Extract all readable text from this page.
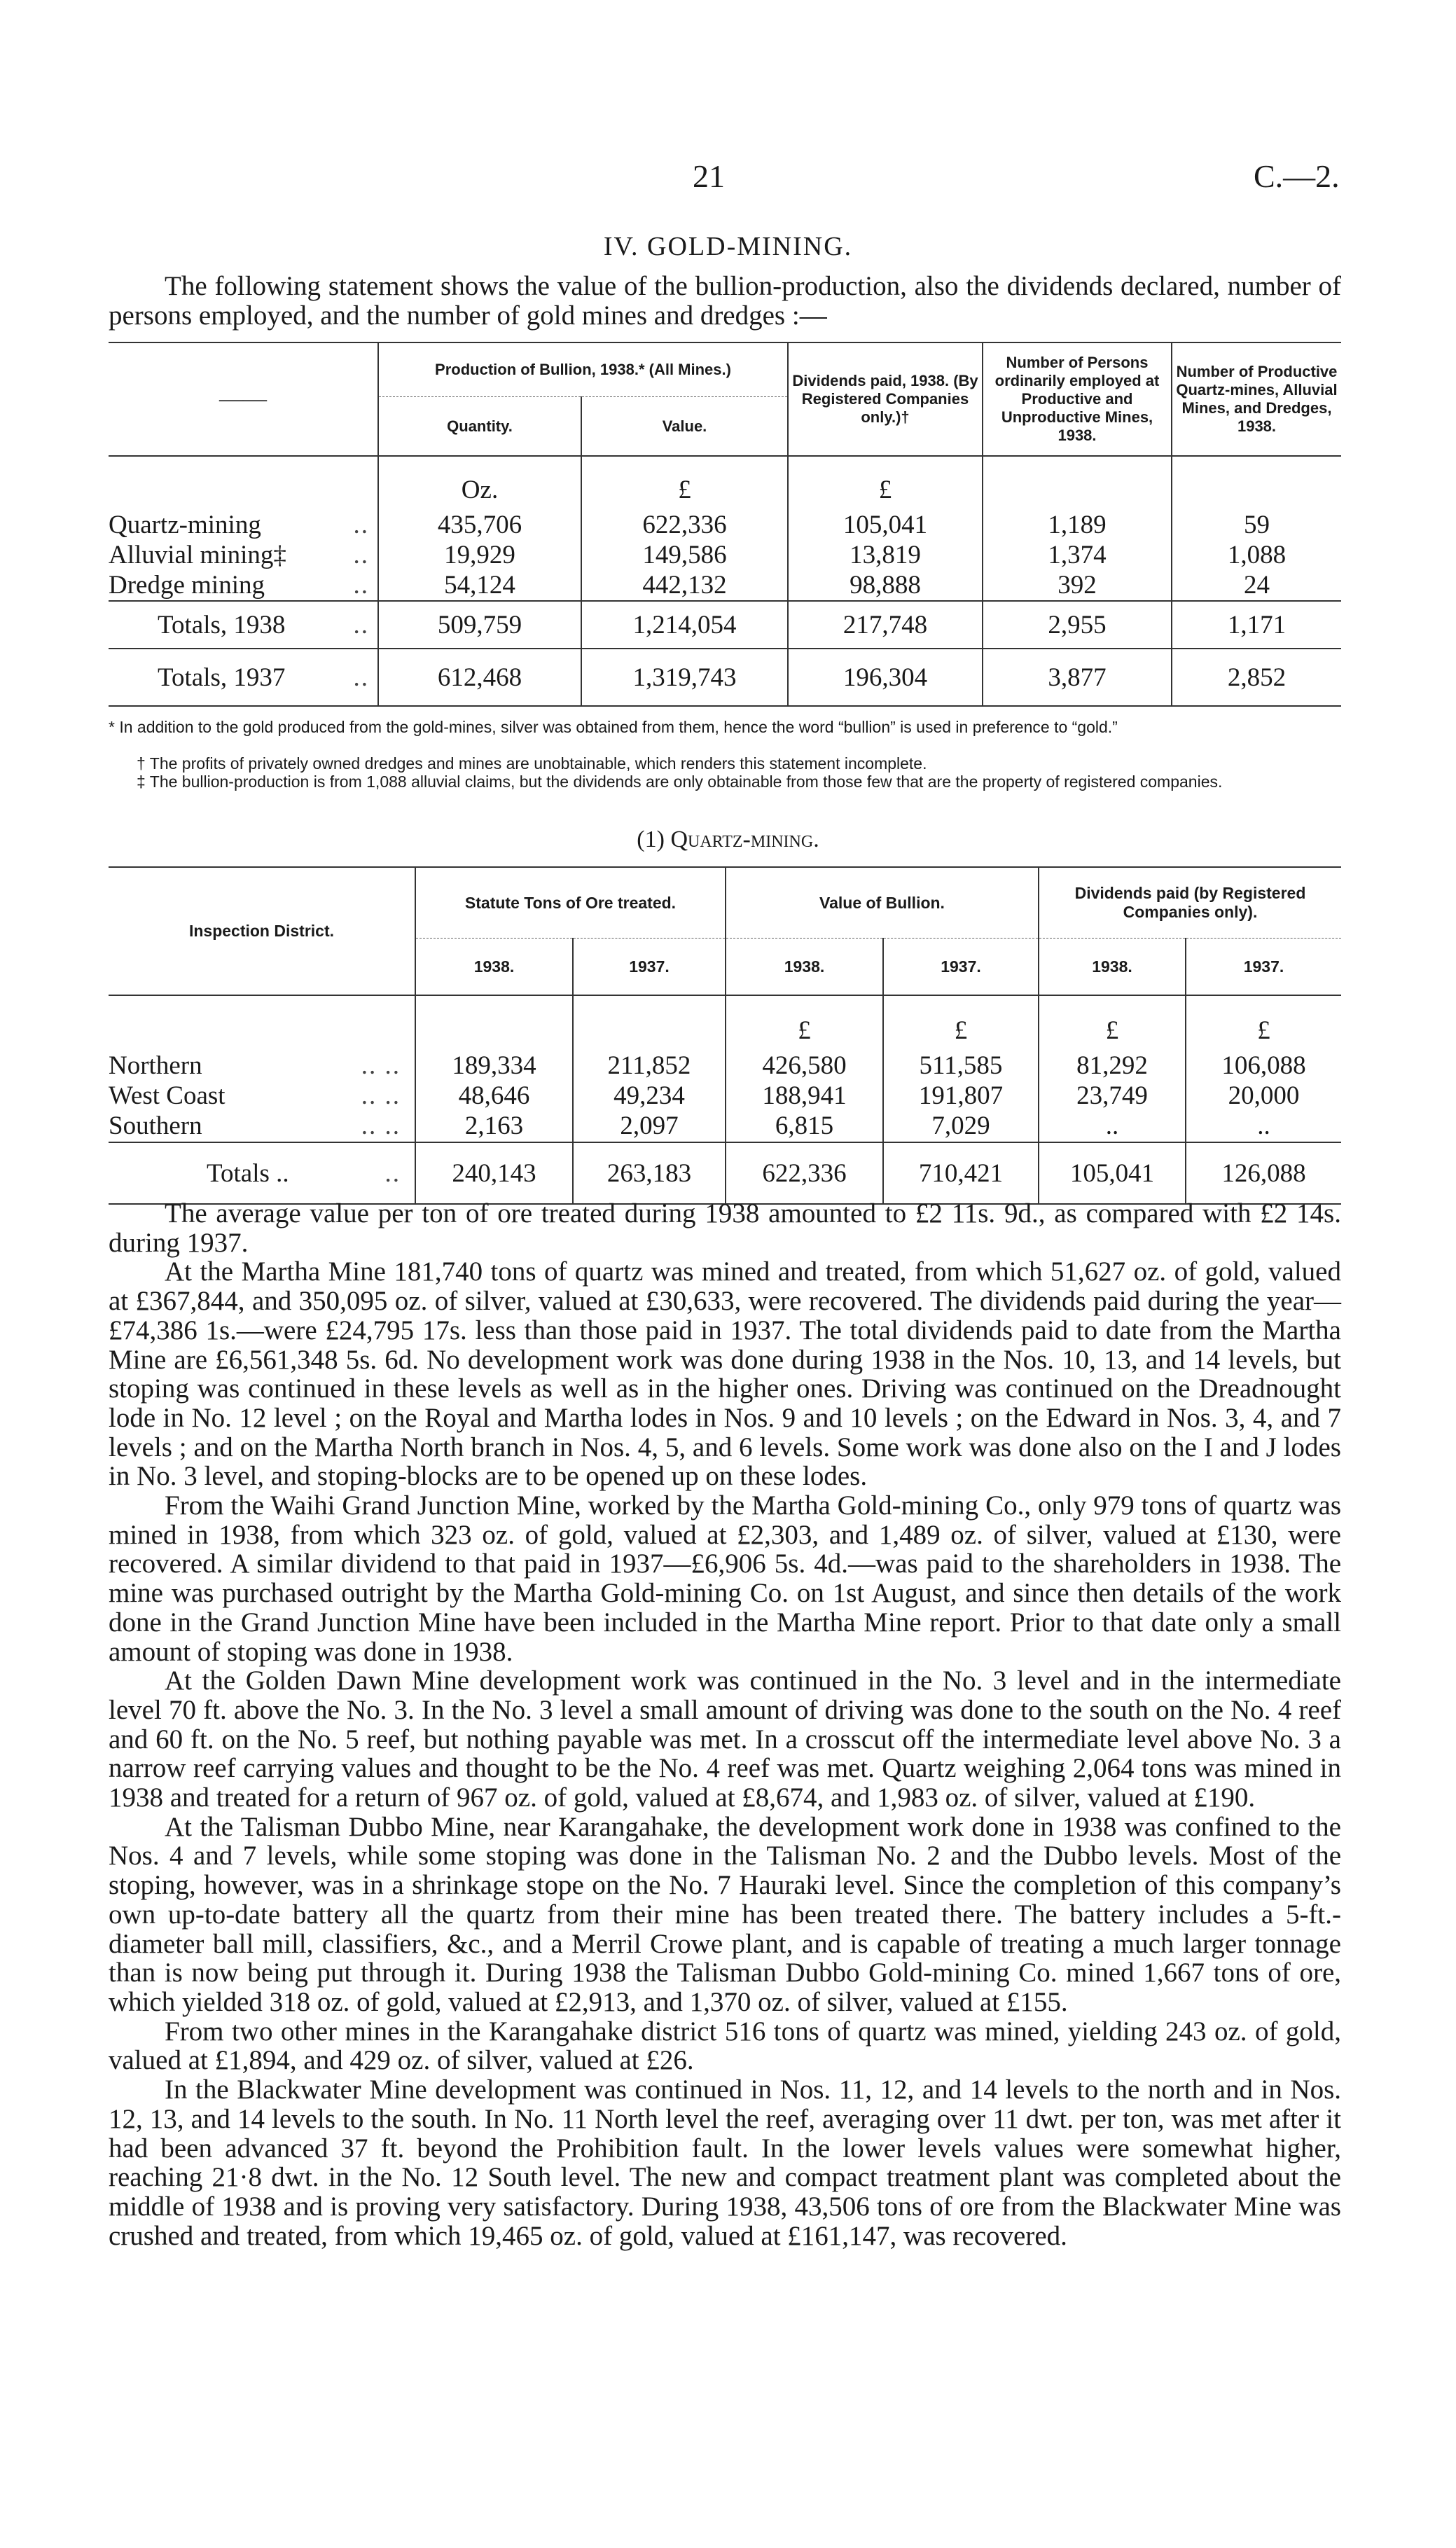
21	C.—2.
IV. GOLD-MINING.
The following statement shows the value of the bullion-production, also the dividends declared, number of persons employed, and the number of gold mines and dredges :—
——	Production of Bullion, 1938.* (All Mines.)		Dividends paid, 1938. (By Registered Companies only.)†	Number of Persons ordinarily employed at Productive and Unproductive Mines, 1938.	Number of Productive Quartz-mines, Alluvial Mines, and Dredges, 1938.
	Quantity.	Value.			
	Oz.	£	£		
Quartz-mining ..	435,706	622,336	105,041	1,189	59
Alluvial mining‡ ..	19,929	149,586	13,819	1,374	1,088
Dredge mining ..	54,124	442,132	98,888	392	24
Totals, 1938 ..	509,759	1,214,054	217,748	2,955	1,171
Totals, 1937 ..	612,468	1,319,743	196,304	3,877	2,852
* In addition to the gold produced from the gold-mines, silver was obtained from them, hence the word “bullion” is used in preference to “gold.”
† The profits of privately owned dredges and mines are unobtainable, which renders this statement incomplete.
‡ The bullion-production is from 1,088 alluvial claims, but the dividends are only obtainable from those few that are the property of registered companies.
(1) Quartz-mining.
Inspection District.	Statute Tons of Ore treated.		Value of Bullion.		Dividends paid (by Registered Companies only).	
	1938.	1937.	1938.	1937.	1938.	1937.
			£	£	£	£
Northern .. ..	189,334	211,852	426,580	511,585	81,292	106,088
West Coast .. ..	48,646	49,234	188,941	191,807	23,749	20,000
Southern .. ..	2,163	2,097	6,815	7,029	..	..
Totals .. ..	240,143	263,183	622,336	710,421	105,041	126,088

The average value per ton of ore treated during 1938 amounted to £2 11s. 9d., as compared with £2 14s. during 1937.

At the Martha Mine 181,740 tons of quartz was mined and treated, from which 51,627 oz. of gold, valued at £367,844, and 350,095 oz. of silver, valued at £30,633, were recovered. The dividends paid during the year—£74,386 1s.—were £24,795 17s. less than those paid in 1937. The total dividends paid to date from the Martha Mine are £6,561,348 5s. 6d. No development work was done during 1938 in the Nos. 10, 13, and 14 levels, but stoping was continued in these levels as well as in the higher ones. Driving was continued on the Dreadnought lode in No. 12 level ; on the Royal and Martha lodes in Nos. 9 and 10 levels ; on the Edward in Nos. 3, 4, and 7 levels ; and on the Martha North branch in Nos. 4, 5, and 6 levels. Some work was done also on the I and J lodes in No. 3 level, and stoping-blocks are to be opened up on these lodes.

From the Waihi Grand Junction Mine, worked by the Martha Gold-mining Co., only 979 tons of quartz was mined in 1938, from which 323 oz. of gold, valued at £2,303, and 1,489 oz. of silver, valued at £130, were recovered. A similar dividend to that paid in 1937—£6,906 5s. 4d.—was paid to the shareholders in 1938. The mine was purchased outright by the Martha Gold-mining Co. on 1st August, and since then details of the work done in the Grand Junction Mine have been included in the Martha Mine report. Prior to that date only a small amount of stoping was done in 1938.

At the Golden Dawn Mine development work was continued in the No. 3 level and in the intermediate level 70 ft. above the No. 3. In the No. 3 level a small amount of driving was done to the south on the No. 4 reef and 60 ft. on the No. 5 reef, but nothing payable was met. In a crosscut off the intermediate level above No. 3 a narrow reef carrying values and thought to be the No. 4 reef was met. Quartz weighing 2,064 tons was mined in 1938 and treated for a return of 967 oz. of gold, valued at £8,674, and 1,983 oz. of silver, valued at £190.

At the Talisman Dubbo Mine, near Karangahake, the development work done in 1938 was confined to the Nos. 4 and 7 levels, while some stoping was done in the Talisman No. 2 and the Dubbo levels. Most of the stoping, however, was in a shrinkage stope on the No. 7 Hauraki level. Since the completion of this company’s own up-to-date battery all the quartz from their mine has been treated there. The battery includes a 5-ft.-diameter ball mill, classifiers, &c., and a Merril Crowe plant, and is capable of treating a much larger tonnage than is now being put through it. During 1938 the Talisman Dubbo Gold-mining Co. mined 1,667 tons of ore, which yielded 318 oz. of gold, valued at £2,913, and 1,370 oz. of silver, valued at £155.

From two other mines in the Karangahake district 516 tons of quartz was mined, yielding 243 oz. of gold, valued at £1,894, and 429 oz. of silver, valued at £26.

In the Blackwater Mine development was continued in Nos. 11, 12, and 14 levels to the north and in Nos. 12, 13, and 14 levels to the south. In No. 11 North level the reef, averaging over 11 dwt. per ton, was met after it had been advanced 37 ft. beyond the Prohibition fault. In the lower levels values were somewhat higher, reaching 21·8 dwt. in the No. 12 South level. The new and compact treatment plant was completed about the middle of 1938 and is proving very satisfactory. During 1938, 43,506 tons of ore from the Blackwater Mine was crushed and treated, from which 19,465 oz. of gold, valued at £161,147, was recovered.
